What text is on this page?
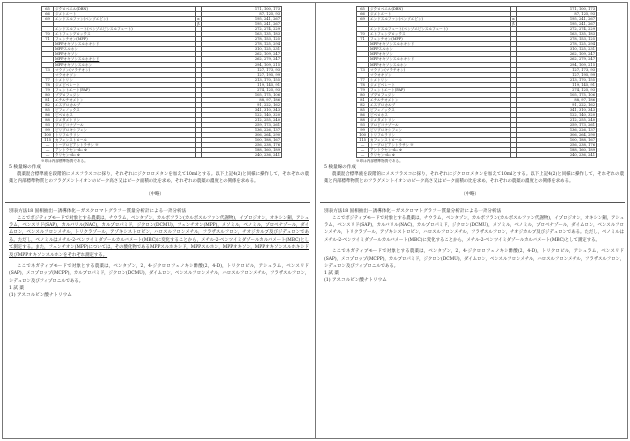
65	ジクロベニル(DBN)		171, 100, 173
66	ジメトエート		87, 125, 93
69	エンドスルファン(ベンゾエピン)	α	195, 241, 267
		β	195, 241, 267
	エンドスルフェート(ベンゾエピンスルフェート)		272, 274, 229
70	エトフェンプロックス		163, 135, 183
71	フェンチオン(MPP)		278, 153, 125
	MPPオキソンスルホキシド		278, 125, 294
	MPPスルホン		310, 125, 231
	MPPオキソン		262, 109, 247
	MPPオキソンスルホキシド		262, 279, 247
	MPPオキソンスルホン		294, 109, 215
73	マラソン(マラチオン)		127, 173, 93
	マラオキソン		127, 195, 99
77	シメトリン		213, 170, 155
78	ジメピペレート		119, 145, 91
79	フェントエート(PAP)		274, 125, 93
80	ブプロフェジン		105, 175, 106
81	エチルチオメトン		88, 97, 186
82	エスプロカルブ		91, 222, 162
85	ピフェノックス		341, 310, 343
86	ピペロホス		122, 140, 320
88	ジメタメトリン		212, 255, 240
93	プロピコナゾール		259, 173, 261
99	ピリプロキシフェン		136, 226, 137
100	トリフルラリン		306, 264, 290
115	カフェンストロール		100, 188, 167
—	トープロピアントラサン ※		256, 238, 176
—	アントラセン-d₁₀ ※		188, 160, 189
—	クリセン-d₁₂ ※		240, 236, 241
※印は内部標準物質である。
5 検量線の作成
農薬混合標準液を段階的にメスフラスコに採り，それぞれにジクロロメタンを加えて10mlとする。以下上記4(2)と同様に操作して，それぞれの農薬と内部標準物質とのフラグメントイオンのピーク高さ又はピーク面積の比を求め，それぞれの農薬の濃度との関係を求める。
（中略）
別表方法18 固相抽出－誘導体化－ガスクロマトグラフ－質量分析計による一斉分析法
ここでポジティブモードで対象とする農薬は，チウラム，ベンタゾン，カルボフラン(カルボスルファン代謝物)，イプロジオン，オキシン銅，アシュラム，ベンスリド(SAP)，カルバリル(NAC)，カルプロパミド，ジクロン(DCMU)，フェンチオン(MPP)，メソミル，ベノミル，プロベナゾール，ダイムロン，ベンスルフロンメチル，トリクラゾール，アゾキシストロビン，ハロスルフロンメチル，フラザスルフロン，チオジカルブ及びジデュロンである。ただし，ベノミルはメチル-2-ベンツイミダゾールカルバメート(MBC)に変化することから，メチル-2-ベンツイミダゾールカルバメート(MBC)として測定する。また，フェンチオン(MPP)については，その酸化物であるMPPスルホキシド，MPPスルホン，MPPオキソン，MPPオキソンスルホキシド及びMPPオキソンスルホンをそれぞれ測定する。
ここでネガティブモードで対象とする農薬は，ベンタゾン，2，4-ジクロロフェノキシ酢酸(2，4-D)，トリクロピル，アシュラム，ベンスリド(SAP)，メコプロップ(MCPP)，カルブロパミド，ジクロン(DCMU)，ダイムロン，ベンスルフロンメチル，ハロスルフロンメチル，フラザスルフロン，シデュロン及びフィプロニルである。
1 試 薬
(1) アスコルビン酸ナトリウム
65	ジクロベニル(DBN)		171, 100, 173
66	ジメトエート		87, 125, 93
69	エンドスルファン(ベンゾエピン)	α	195, 241, 267
		β	195, 241, 267
	エンドスルフェート(ベンゾエピンスルフェート)		272, 274, 229
70	エトフェンプロックス		163, 135, 183
71	フェンチオン(MPP)		278, 153, 125
	MPPオキソンスルホキシド		278, 125, 294
	MPPスルホン		310, 125, 231
	MPPオキソン		262, 109, 247
	MPPオキソンスルホキシド		262, 279, 247
	MPPオキソンスルホン		294, 109, 215
73	マラソン(マラチオン)		127, 173, 93
	マラオキソン		127, 195, 99
77	シメトリン		213, 170, 155
78	ジメピペレート		119, 145, 91
79	フェントエート(PAP)		274, 125, 93
80	ブプロフェジン		105, 175, 106
81	エチルチオメトン		88, 97, 186
82	エスプロカルブ		91, 222, 162
85	ピフェノックス		341, 310, 343
86	ピペロホス		122, 140, 320
88	ジメタメトリン		212, 255, 240
93	プロピコナゾール		259, 173, 261
99	ピリプロキシフェン		136, 226, 137
100	トリフルラリン		306, 264, 290
115	カフェンストロール		100, 188, 167
—	トープロピアントラサン ※		256, 238, 176
—	アントラセン-d₁₀ ※		188, 160, 189
—	クリセン-d₁₂ ※		240, 236, 241
※印は内部標準物質である。
5 検量線の作成
農薬混合標準液を段階的にメスフラスコに採り，それぞれにジクロロメタンを加えて10mlとする。以下上記4(2)と同様に操作して，それぞれの農薬と内部標準物質とのフラグメントイオンのピーク高さ又はピーク面積の比を求め，それぞれの農薬の濃度との関係を求める。
（中略）
別表方法18 固相抽出－誘導体化－ガスクロマトグラフ－質量分析計による一斉分析法
ここでポジティブモードで対象とする農薬は，チウラム，ベンタゾン，カルボフラン(カルボスルファン代謝物)，イプロジオン，オキシン銅，アシュラム，ベンスリド(SAP)，カルバリル(NAC)，カルプロパミド，ジクロン(DCMU)，メソミル，ベノミル，プロベナゾール，ダイムロン，ベンスルフロンメチル，トリクラゾール，アゾキシストロビン，ハロスルフロンメチル，フラザスルフロン，チオジカルブ及びジデュロンである。ただし，ベノミルはメチル-2-ベンツイミダゾールカルバメート(MBC)に変化することから，メチル-2-ベンツイミダゾールカルバメート(MBC)として測定する。
ここでネガティブモードで対象とする農薬は，ベンタゾン，2，4-ジクロロフェノキシ酢酸(2，4-D)，トリクロピル，アシュラム，ベンスリド(SAP)，メコプロップ(MCPP)，カルブロパミド，ジクロン(DCMU)，ダイムロン，ベンスルフロンメチル，ハロスルフロンメチル，フラザスルフロン，シデュロン及びフィプロニルである。
1 試 薬
(1) アスコルビン酸ナトリウム
